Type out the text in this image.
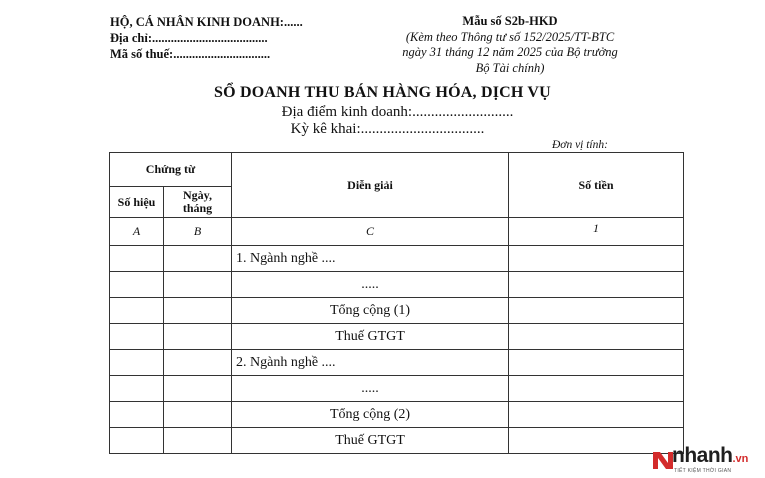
HỘ, CÁ NHÂN KINH DOANH:......
Địa chỉ:.....................................
Mã số thuế:...............................
Mẫu số S2b-HKD
(Kèm theo Thông tư số 152/2025/TT-BTC
ngày 31 tháng 12 năm 2025 của Bộ trưởng
Bộ Tài chính)
SỔ DOANH THU BÁN HÀNG HÓA, DỊCH VỤ
Địa điểm kinh doanh:...........................
Kỳ kê khai:.................................
Đơn vị tính:
Chứng từ		Diễn giải	Số tiền
Số hiệu	Ngày,
tháng		
A	B	C	1
		1. Ngành nghề ....	
		.....	
		Tổng cộng (1)	
		Thuế GTGT	
		2. Ngành nghề ....	
		.....	
		Tổng cộng (2)	
		Thuế GTGT	
nhanh.vn
TIẾT KIỆM THỜI GIAN
